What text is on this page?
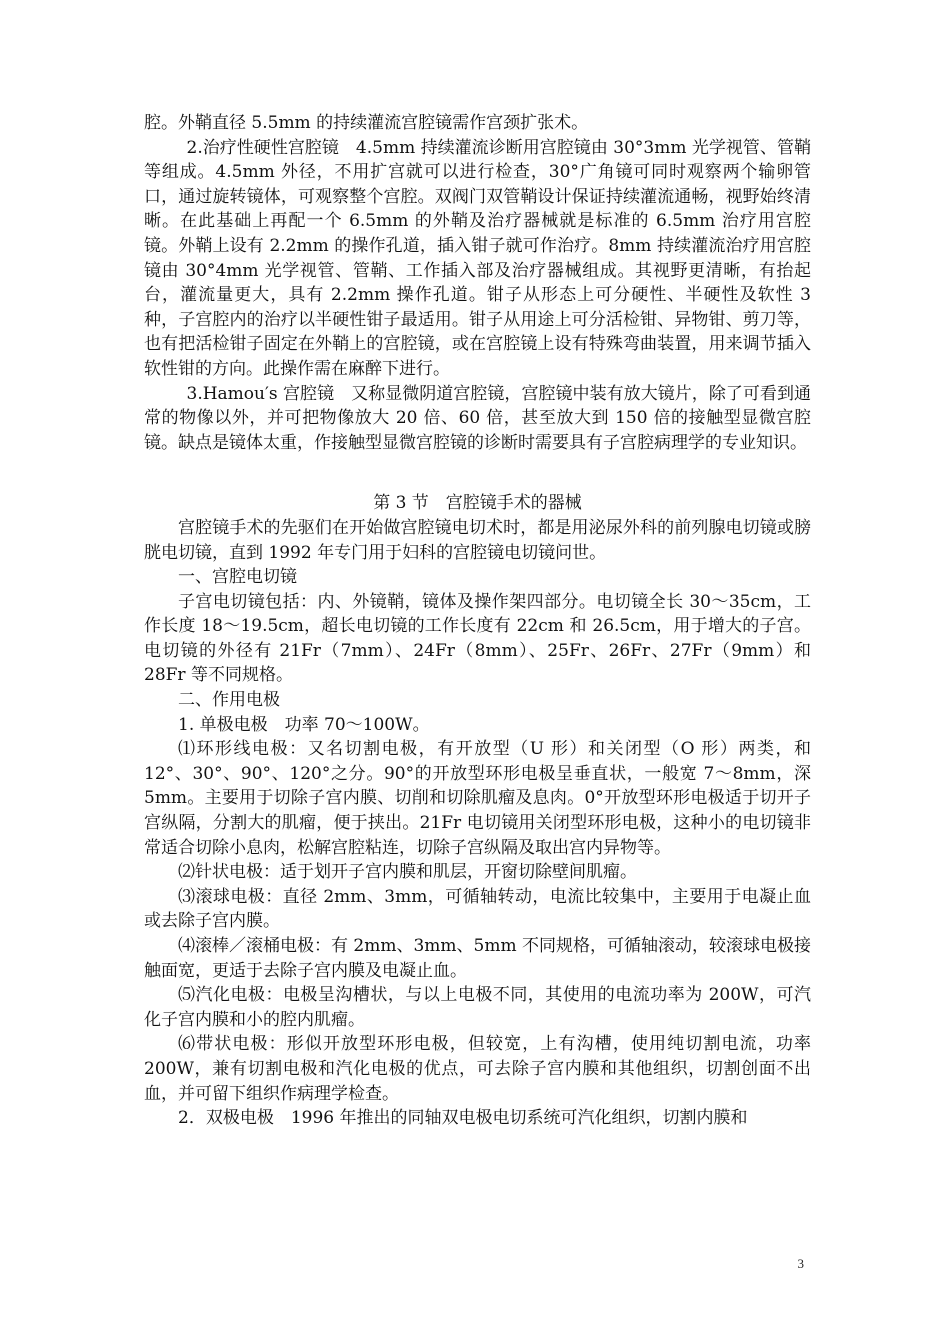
腔。外鞘直径 5.5mm 的持续灌流宫腔镜需作宫颈扩张术。

2.治疗性硬性宫腔镜　4.5mm 持续灌流诊断用宫腔镜由 30°3mm 光学视管、管鞘等组成。4.5mm 外径，不用扩宫就可以进行检查，30°广角镜可同时观察两个输卵管口，通过旋转镜体，可观察整个宫腔。双阀门双管鞘设计保证持续灌流通畅，视野始终清晰。在此基础上再配一个 6.5mm 的外鞘及治疗器械就是标准的 6.5mm 治疗用宫腔镜。外鞘上设有 2.2mm 的操作孔道，插入钳子就可作治疗。8mm 持续灌流治疗用宫腔镜由 30°4mm 光学视管、管鞘、工作插入部及治疗器械组成。其视野更清晰，有抬起台，灌流量更大，具有 2.2mm 操作孔道。钳子从形态上可分硬性、半硬性及软性 3 种，子宫腔内的治疗以半硬性钳子最适用。钳子从用途上可分活检钳、异物钳、剪刀等，也有把活检钳子固定在外鞘上的宫腔镜，或在宫腔镜上设有特殊弯曲装置，用来调节插入软性钳的方向。此操作需在麻醉下进行。

3.Hamou′s 宫腔镜　又称显微阴道宫腔镜，宫腔镜中装有放大镜片，除了可看到通常的物像以外，并可把物像放大 20 倍、60 倍，甚至放大到 150 倍的接触型显微宫腔镜。缺点是镜体太重，作接触型显微宫腔镜的诊断时需要具有子宫腔病理学的专业知识。

第 3 节　宫腔镜手术的器械

宫腔镜手术的先驱们在开始做宫腔镜电切术时，都是用泌尿外科的前列腺电切镜或膀胱电切镜，直到 1992 年专门用于妇科的宫腔镜电切镜问世。

一、宫腔电切镜

子宫电切镜包括：内、外镜鞘，镜体及操作架四部分。电切镜全长 30～35cm，工作长度 18～19.5cm，超长电切镜的工作长度有 22cm 和 26.5cm，用于增大的子宫。电切镜的外径有 21Fr（7mm）、24Fr（8mm）、25Fr、26Fr、27Fr（9mm）和 28Fr 等不同规格。

二、作用电极

1. 单极电极　功率 70～100W。

⑴环形线电极：又名切割电极，有开放型（U 形）和关闭型（O 形）两类，和 12°、30°、90°、120°之分。90°的开放型环形电极呈垂直状，一般宽 7～8mm，深 5mm。主要用于切除子宫内膜、切削和切除肌瘤及息肉。0°开放型环形电极适于切开子宫纵隔，分割大的肌瘤，便于挟出。21Fr 电切镜用关闭型环形电极，这种小的电切镜非常适合切除小息肉，松解宫腔粘连，切除子宫纵隔及取出宫内异物等。

⑵针状电极：适于划开子宫内膜和肌层，开窗切除壁间肌瘤。

⑶滚球电极：直径 2mm、3mm，可循轴转动，电流比较集中，主要用于电凝止血或去除子宫内膜。

⑷滚棒／滚桶电极：有 2mm、3mm、5mm 不同规格，可循轴滚动，较滚球电极接触面宽，更适于去除子宫内膜及电凝止血。

⑸汽化电极：电极呈沟槽状，与以上电极不同，其使用的电流功率为 200W，可汽化子宫内膜和小的腔内肌瘤。

⑹带状电极：形似开放型环形电极，但较宽，上有沟槽，使用纯切割电流，功率 200W，兼有切割电极和汽化电极的优点，可去除子宫内膜和其他组织，切割创面不出血，并可留下组织作病理学检查。

2．双极电极　1996 年推出的同轴双电极电切系统可汽化组织，切割内膜和

3
